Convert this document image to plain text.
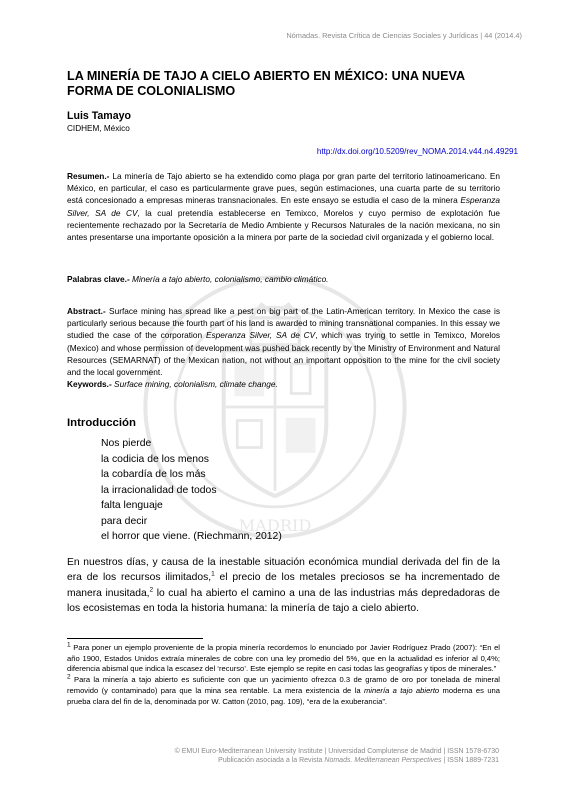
MADRID
Nómadas. Revista Crítica de Ciencias Sociales y Jurídicas | 44 (2014.4)
LA MINERÍA DE TAJO A CIELO ABIERTO EN MÉXICO: UNA NUEVA FORMA DE COLONIALISMO
Luis Tamayo
CIDHEM, México
http://dx.doi.org/10.5209/rev_NOMA.2014.v44.n4.49291
Resumen.- La minería de Tajo abierto se ha extendido como plaga por gran parte del territorio latinoamericano. En México, en particular, el caso es particularmente grave pues, según estimaciones, una cuarta parte de su territorio está concesionado a empresas mineras transnacionales. En este ensayo se estudia el caso de la minera Esperanza Silver, SA de CV, la cual pretendía establecerse en Temixco, Morelos y cuyo permiso de explotación fue recientemente rechazado por la Secretaría de Medio Ambiente y Recursos Naturales de la nación mexicana, no sin antes presentarse una importante oposición a la minera por parte de la sociedad civil organizada y el gobierno local.
Palabras clave.- Minería a tajo abierto, colonialismo, cambio climático.
Abstract.- Surface mining has spread like a pest on big part of the Latin-American territory. In Mexico the case is particularly serious because the fourth part of his land is awarded to mining transnational companies. In this essay we studied the case of the corporation Esperanza Silver, SA de CV, which was trying to settle in Temixco, Morelos (Mexico) and whose permission of development was pushed back recently by the Ministry of Environment and Natural Resources (SEMARNAT) of the Mexican nation, not without an important opposition to the mine for the civil society and the local government.
Keywords.- Surface mining, colonialism, climate change.
Introducción
Nos pierde
la codicia de los menos
la cobardía de los más
la irracionalidad de todos
falta lenguaje
para decir
el horror que viene. (Riechmann, 2012)
En nuestros días, y causa de la inestable situación económica mundial derivada del fin de la era de los recursos ilimitados,$^1$ el precio de los metales preciosos se ha incrementado de manera inusitada,$^2$ lo cual ha abierto el camino a una de las industrias más depredadoras de los ecosistemas en toda la historia humana: la minería de tajo a cielo abierto.
$^1$ Para poner un ejemplo proveniente de la propia minería recordemos lo enunciado por Javier Rodríguez Prado (2007): “En el año 1900, Estados Unidos extraía minerales de cobre con una ley promedio del 5%, que en la actualidad es inferior al 0,4%; diferencia abismal que indica la escasez del ‘recurso’. Este ejemplo se repite en casi todas las geografías y tipos de minerales.”
$^2$ Para la minería a tajo abierto es suficiente con que un yacimiento ofrezca 0.3 de gramo de oro por tonelada de mineral removido (y contaminado) para que la mina sea rentable. La mera existencia de la minería a tajo abierto moderna es una prueba clara del fin de la, denominada por W. Catton (2010, pag. 109), “era de la exuberancia”.
© EMUI Euro-Mediterranean University Institute | Universidad Complutense de Madrid | ISSN 1578-6730
Publicación asociada a la Revista Nomads. Mediterranean Perspectives | ISSN 1889-7231
